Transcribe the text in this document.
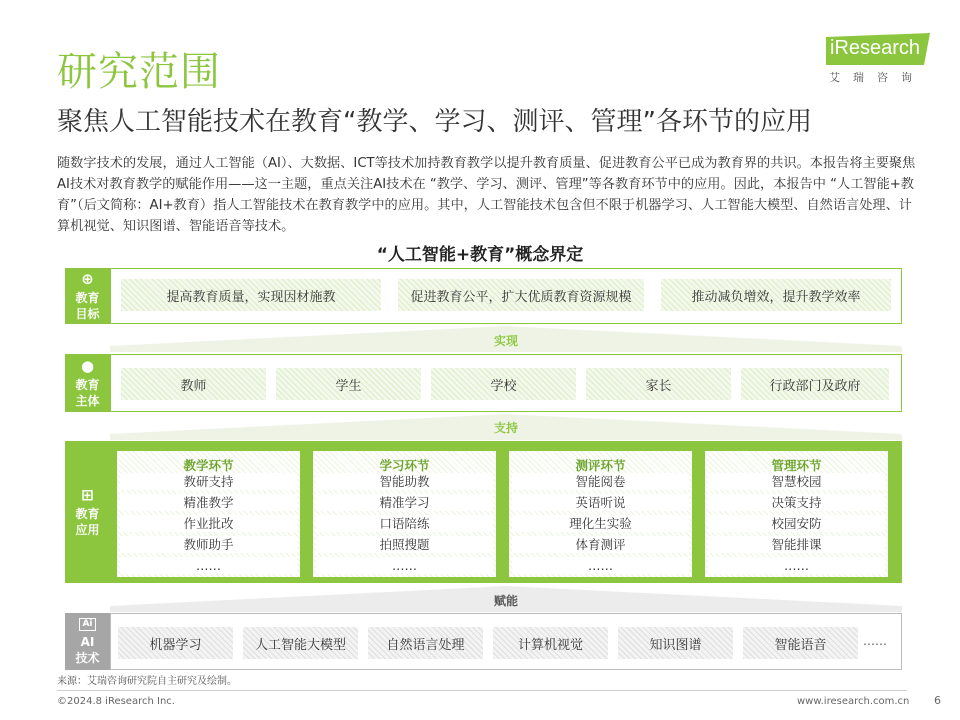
研究范围
聚焦人工智能技术在教育“教学、学习、测评、管理”各环节的应用
iResearch
艾瑞咨询
随数字技术的发展，通过人工智能（AI）、大数据、ICT等技术加持教育教学以提升教育质量、促进教育公平已成为教育界的共识。本报告将主要聚焦AI技术对教育教学的赋能作用——这一主题，重点关注AI技术在 “教学、学习、测评、管理”等各教育环节中的应用。因此，本报告中 “人工智能+教育”（后文简称：AI+教育）指人工智能技术在教育教学中的应用。其中，人工智能技术包含但不限于机器学习、人工智能大模型、自然语言处理、计算机视觉、知识图谱、智能语音等技术。
“人工智能+教育”概念界定
⊕
教育
目标
提高教育质量，实现因材施教	促进教育公平，扩大优质教育资源规模	推动减负增效，提升教学效率
实现
●
教育
主体
教师	学生	学校	家长	行政部门及政府
支持
⊞
教育
应用
教学环节
教研支持
精准教学
作业批改
教师助手
……
学习环节
智能助教
精准学习
口语陪练
拍照搜题
……
测评环节
智能阅卷
英语听说
理化生实验
体育测评
……
管理环节
智慧校园
决策支持
校园安防
智能排课
……
赋能
Ai
AI
技术
机器学习	人工智能大模型	自然语言处理	计算机视觉	知识图谱	智能语音	……
来源：艾瑞咨询研究院自主研究及绘制。
©2024.8 iResearch Inc.	www.iresearch.com.cn 6
